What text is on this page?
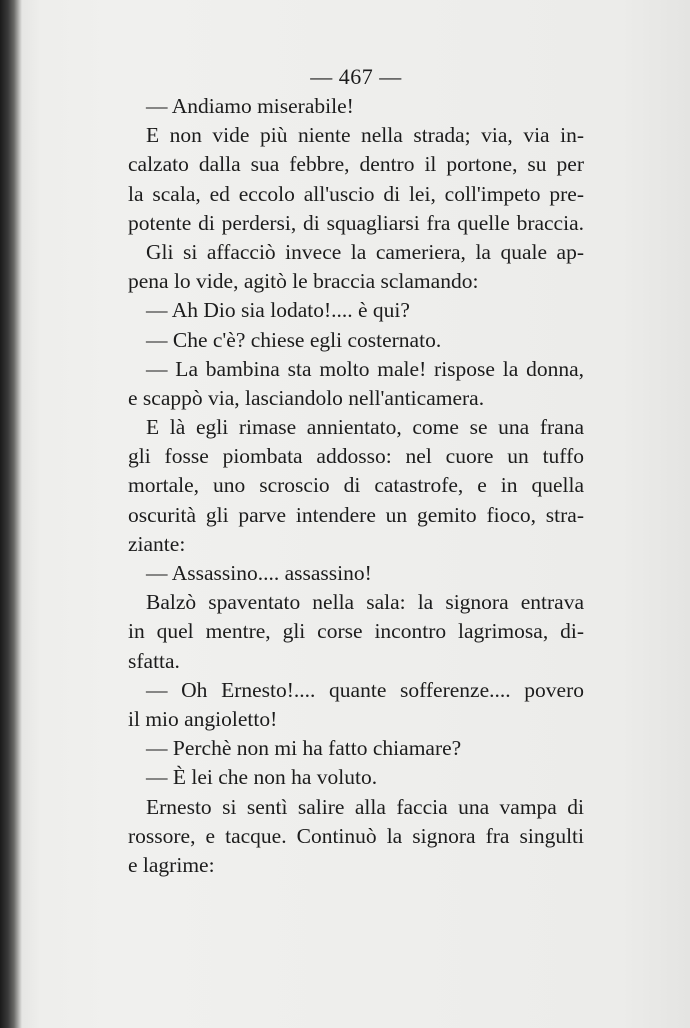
— 467 —
— Andiamo miserabile!
E non vide più niente nella strada; via, via in-
calzato dalla sua febbre, dentro il portone, su per
la scala, ed eccolo all'uscio di lei, coll'impeto pre-
potente di perdersi, di squagliarsi fra quelle braccia.
Gli si affacciò invece la cameriera, la quale ap-
pena lo vide, agitò le braccia sclamando:
— Ah Dio sia lodato!.... è qui?
— Che c'è? chiese egli costernato.
— La bambina sta molto male! rispose la donna,
e scappò via, lasciandolo nell'anticamera.
E là egli rimase annientato, come se una frana
gli fosse piombata addosso: nel cuore un tuffo
mortale, uno scroscio di catastrofe, e in quella
oscurità gli parve intendere un gemito fioco, stra-
ziante:
— Assassino.... assassino!
Balzò spaventato nella sala: la signora entrava
in quel mentre, gli corse incontro lagrimosa, di-
sfatta.
— Oh Ernesto!.... quante sofferenze.... povero
il mio angioletto!
— Perchè non mi ha fatto chiamare?
— È lei che non ha voluto.
Ernesto si sentì salire alla faccia una vampa di
rossore, e tacque. Continuò la signora fra singulti
e lagrime:
